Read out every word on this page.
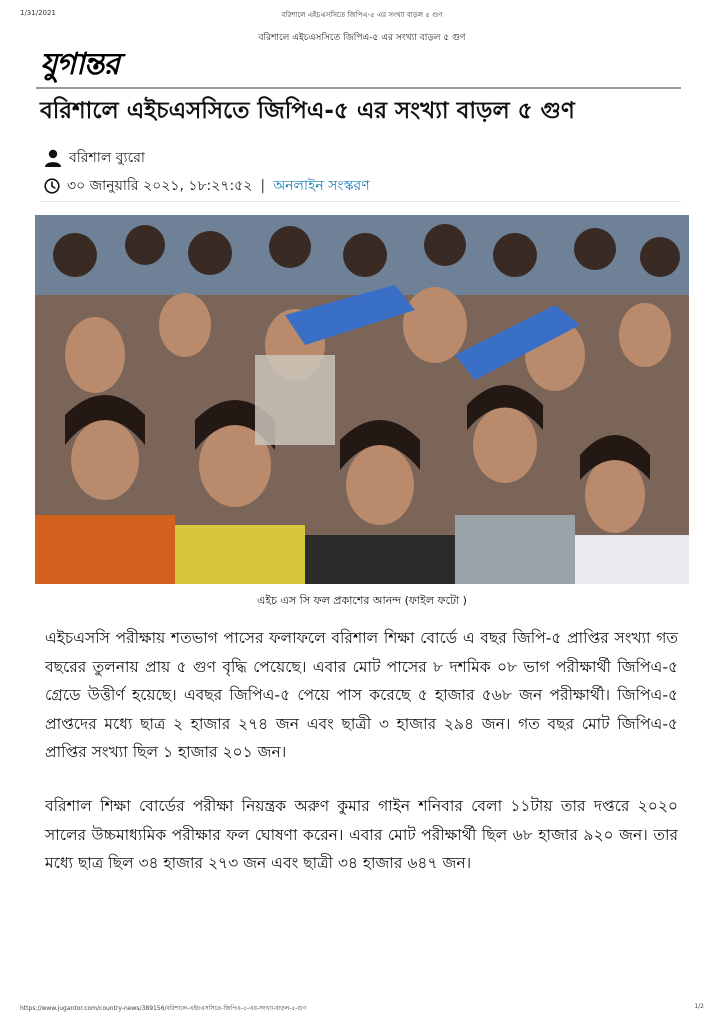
1/31/2021	বরিশালে এইচএসসিতে জিপিএ-৫ এর সংখ্যা বাড়ল ৫ গুণ
বরিশালে এইচএসসিতে জিপিএ-৫ এর সংখ্যা বাড়ল ৫ গুণ
যুগান্তর
বরিশালে এইচএসসিতে জিপিএ-৫ এর সংখ্যা বাড়ল ৫ গুণ
বরিশাল ব্যুরো
৩০ জানুয়ারি ২০২১, ১৮:২৭:৫২ | অনলাইন সংস্করণ
এইচ এস সি ফল প্রকাশের আনন্দ (ফাইল ফটো )

এইচএসসি পরীক্ষায় শতভাগ পাসের ফলাফলে বরিশাল শিক্ষা বোর্ডে এ বছর জিপি-৫ প্রাপ্তির সংখ্যা গত বছরের তুলনায় প্রায় ৫ গুণ বৃদ্ধি পেয়েছে। এবার মোট পাসের ৮ দশমিক ০৮ ভাগ পরীক্ষার্থী জিপিএ-৫ গ্রেডে উত্তীর্ণ হয়েছে। এবছর জিপিএ-৫ পেয়ে পাস করেছে ৫ হাজার ৫৬৮ জন পরীক্ষার্থী। জিপিএ-৫ প্রাপ্তদের মধ্যে ছাত্র ২ হাজার ২৭৪ জন এবং ছাত্রী ৩ হাজার ২৯৪ জন। গত বছর মোট জিপিএ-৫ প্রাপ্তির সংখ্যা ছিল ১ হাজার ২০১ জন।

বরিশাল শিক্ষা বোর্ডের পরীক্ষা নিয়ন্ত্রক অরুণ কুমার গাইন শনিবার বেলা ১১টায় তার দপ্তরে ২০২০ সালের উচ্চমাধ্যমিক পরীক্ষার ফল ঘোষণা করেন। এবার মোট পরীক্ষার্থী ছিল ৬৮ হাজার ৯২০ জন। তার মধ্যে ছাত্র ছিল ৩৪ হাজার ২৭৩ জন এবং ছাত্রী ৩৪ হাজার ৬৪৭ জন।

https://www.jugantor.com/country-news/389156/বরিশালে-এইচএসসিতে-জিপিএ-৫-এর-সংখ্যা-বাড়ল-৫-গুণ	1/2
